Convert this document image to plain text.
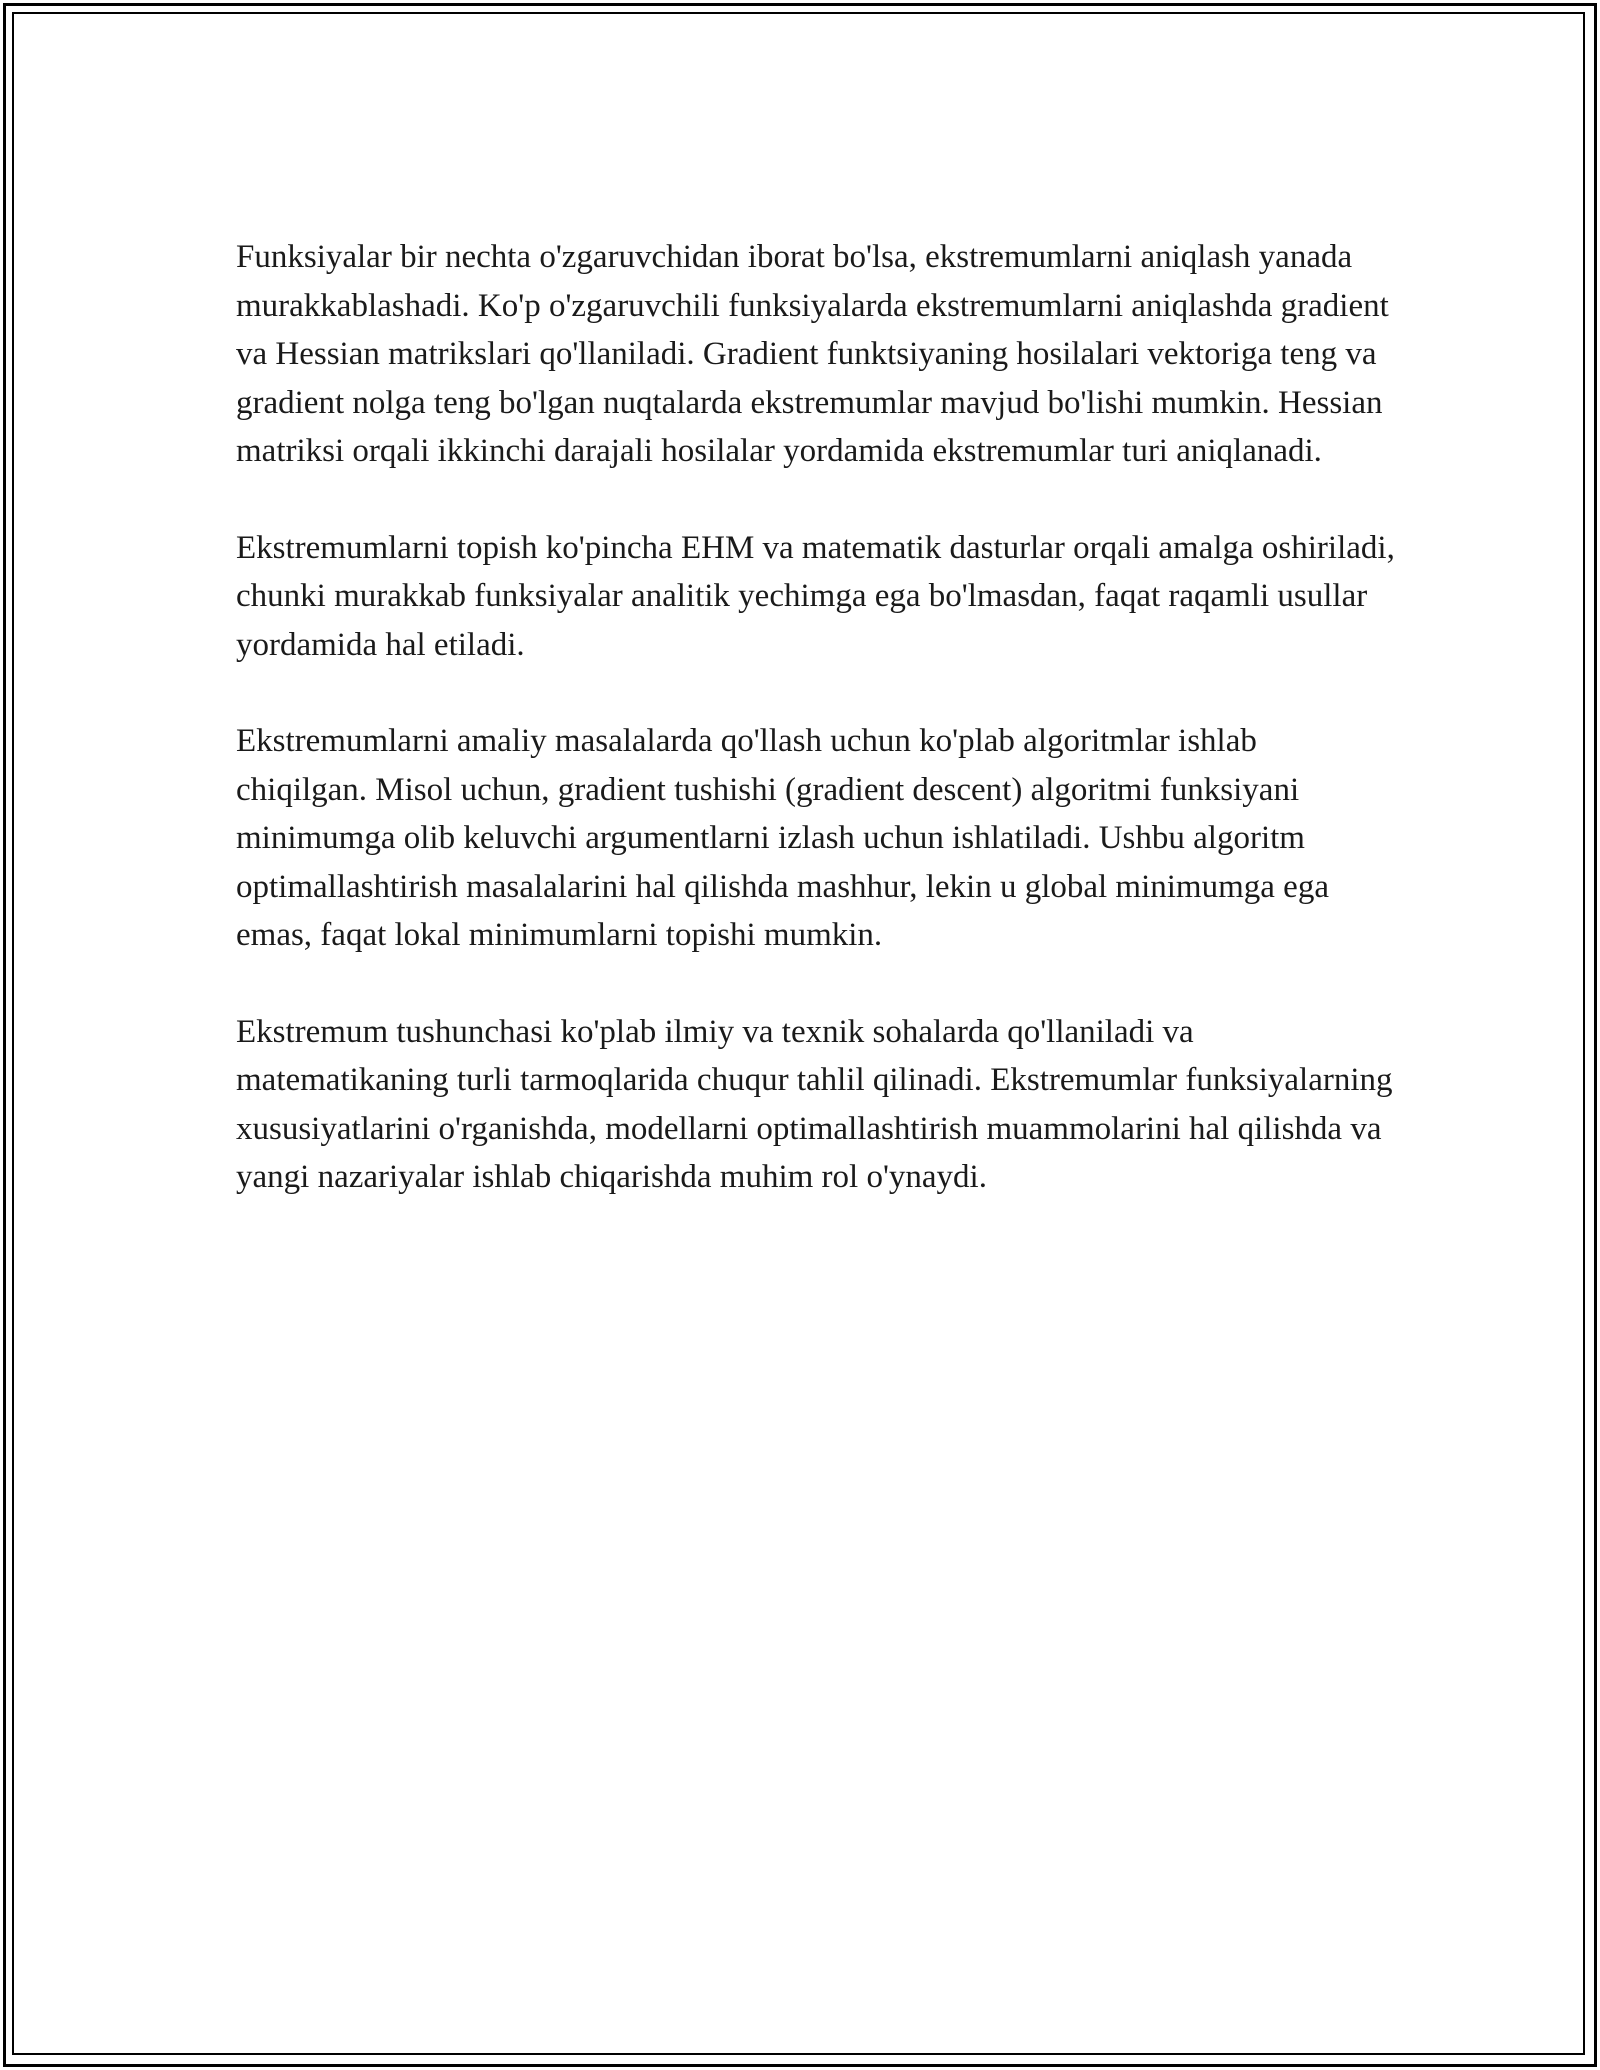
Funksiyalar bir nechta o'zgaruvchidan iborat bo'lsa, ekstremumlarni aniqlash yanada murakkablashadi. Ko'p o'zgaruvchili funksiyalarda ekstremumlarni aniqlashda gradient va Hessian matrikslari qo'llaniladi. Gradient funktsiyaning hosilalari vektoriga teng va gradient nolga teng bo'lgan nuqtalarda ekstremumlar mavjud bo'lishi mumkin. Hessian matriksi orqali ikkinchi darajali hosilalar yordamida ekstremumlar turi aniqlanadi.

Ekstremumlarni topish ko'pincha EHM va matematik dasturlar orqali amalga oshiriladi, chunki murakkab funksiyalar analitik yechimga ega bo'lmasdan, faqat raqamli usullar yordamida hal etiladi.

Ekstremumlarni amaliy masalalarda qo'llash uchun ko'plab algoritmlar ishlab chiqilgan. Misol uchun, gradient tushishi (gradient descent) algoritmi funksiyani minimumga olib keluvchi argumentlarni izlash uchun ishlatiladi. Ushbu algoritm optimallashtirish masalalarini hal qilishda mashhur, lekin u global minimumga ega emas, faqat lokal minimumlarni topishi mumkin.

Ekstremum tushunchasi ko'plab ilmiy va texnik sohalarda qo'llaniladi va matematikaning turli tarmoqlarida chuqur tahlil qilinadi. Ekstremumlar funksiyalarning xususiyatlarini o'rganishda, modellarni optimallashtirish muammolarini hal qilishda va yangi nazariyalar ishlab chiqarishda muhim rol o'ynaydi.
